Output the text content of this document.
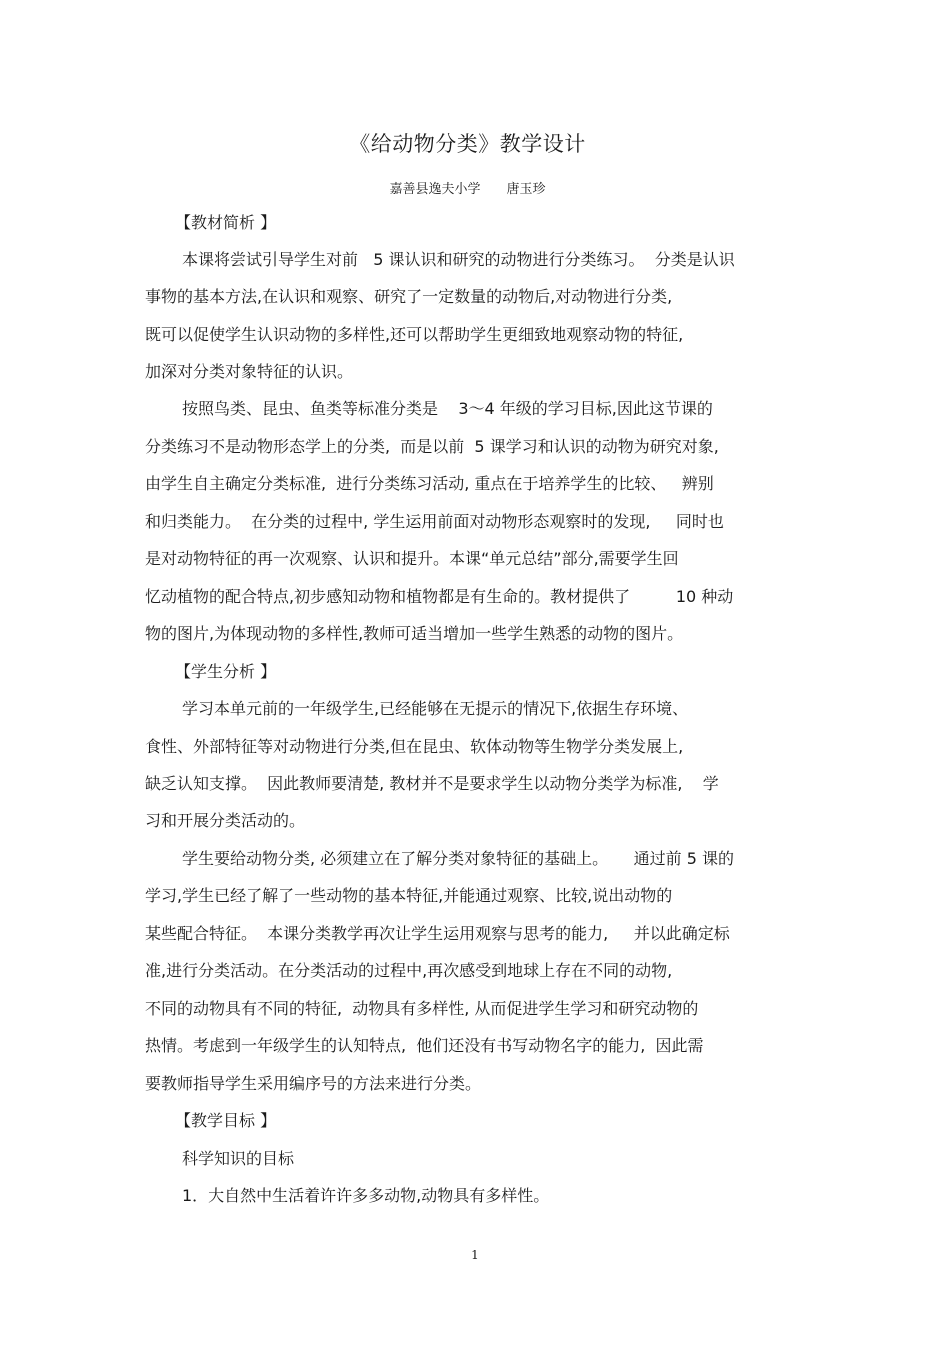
《给动物分类》教学设计
嘉善县逸夫小学 唐玉珍
【教材简析 】
本课将尝试引导学生对前   5 课认识和研究的动物进行分类练习。  分类是认识
事物的基本方法,在认识和观察、研究了一定数量的动物后,对动物进行分类,
既可以促使学生认识动物的多样性,还可以帮助学生更细致地观察动物的特征,
加深对分类对象特征的认识。
按照鸟类、昆虫、鱼类等标准分类是    3～4 年级的学习目标,因此这节课的
分类练习不是动物形态学上的分类,  而是以前  5 课学习和认识的动物为研究对象,
由学生自主确定分类标准,  进行分类练习活动, 重点在于培养学生的比较、   辨别
和归类能力。  在分类的过程中, 学生运用前面对动物形态观察时的发现,     同时也
是对动物特征的再一次观察、认识和提升。本课“单元总结”部分,需要学生回
忆动植物的配合特点,初步感知动物和植物都是有生命的。教材提供了         10 种动
物的图片,为体现动物的多样性,教师可适当增加一些学生熟悉的动物的图片。
【学生分析 】
学习本单元前的一年级学生,已经能够在无提示的情况下,依据生存环境、
食性、外部特征等对动物进行分类,但在昆虫、软体动物等生物学分类发展上,
缺乏认知支撑。  因此教师要清楚, 教材并不是要求学生以动物分类学为标准,    学
习和开展分类活动的。
学生要给动物分类, 必须建立在了解分类对象特征的基础上。     通过前 5 课的
学习,学生已经了解了一些动物的基本特征,并能通过观察、比较,说出动物的
某些配合特征。  本课分类教学再次让学生运用观察与思考的能力,     并以此确定标
准,进行分类活动。在分类活动的过程中,再次感受到地球上存在不同的动物,
不同的动物具有不同的特征,  动物具有多样性, 从而促进学生学习和研究动物的
热情。考虑到一年级学生的认知特点,  他们还没有书写动物名字的能力,  因此需
要教师指导学生采用编序号的方法来进行分类。
【教学目标 】
科学知识的目标
1．大自然中生活着许许多多动物,动物具有多样性。
1
